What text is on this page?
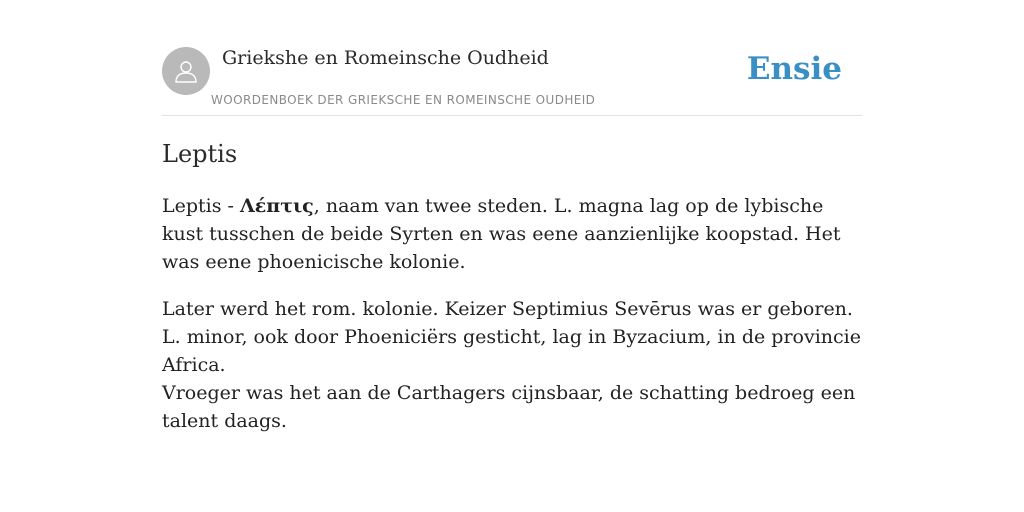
Griekshe en Romeinsche Oudheid
WOORDENBOEK DER GRIEKSCHE EN ROMEINSCHE OUDHEID
Ensie
Leptis

Leptis - Λέπτις, naam van twee steden. L. magna lag op de lybische kust tusschen de beide Syrten en was eene aanzienlijke koopstad. Het was eene phoenicische kolonie.

Later werd het rom. kolonie. Keizer Septimius Sevērus was er geboren. L. minor, ook door Phoeniciërs gesticht, lag in Byzacium, in de provincie Africa.

Vroeger was het aan de Carthagers cijnsbaar, de schatting bedroeg een talent daags.
